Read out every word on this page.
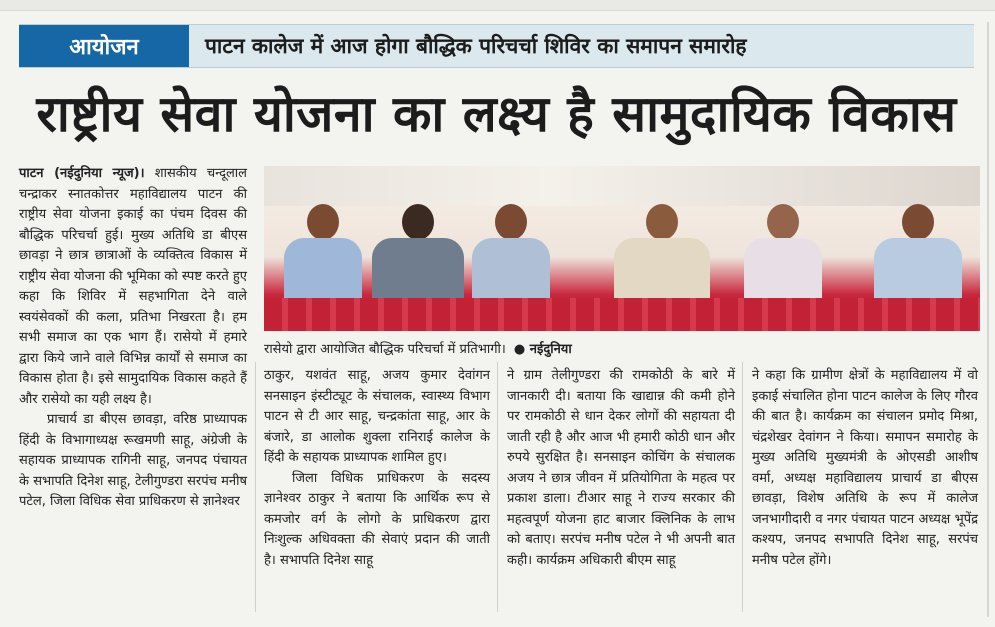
आयोजन	पाटन कालेज में आज होगा बौद्धिक परिचर्चा शिविर का समापन समारोह
राष्ट्रीय सेवा योजना का लक्ष्य है सामुदायिक विकास

पाटन (नईदुनिया न्यूज)। शासकीय चन्दूलाल चन्द्राकर स्नातकोत्तर महाविद्यालय पाटन की राष्ट्रीय सेवा योजना इकाई का पंचम दिवस की बौद्धिक परिचर्चा हुई। मुख्य अतिथि डा बीएस छावड़ा ने छात्र छात्राओं के व्यक्तित्व विकास में राष्ट्रीय सेवा योजना की भूमिका को स्पष्ट करते हुए कहा कि शिविर में सहभागिता देने वाले स्वयंसेवकों की कला, प्रतिभा निखरता है। हम सभी समाज का एक भाग हैं। रासेयो में हमारे द्वारा किये जाने वाले विभिन्न कार्यों से समाज का विकास होता है। इसे सामुदायिक विकास कहते हैं और रासेयो का यही लक्ष्य है।

प्राचार्य डा बीएस छावड़ा, वरिष्ठ प्राध्यापक हिंदी के विभागाध्यक्ष रूखमणी साहू, अंग्रेजी के सहायक प्राध्यापक रागिनी साहू, जनपद पंचायत के सभापति दिनेश साहू, टेलीगुण्डरा सरपंच मनीष पटेल, जिला विधिक सेवा प्राधिकरण से ज्ञानेश्वर

रासेयो द्वारा आयोजित बौद्धिक परिचर्चा में प्रतिभागी। ● नईदुनिया

ठाकुर, यशवंत साहू, अजय कुमार देवांगन सनसाइन इंस्टीट्यूट के संचालक, स्वास्थ्य विभाग पाटन से टी आर साहू, चन्द्रकांता साहू, आर के बंजारे, डा आलोक शुक्ला रानिराई कालेज के हिंदी के सहायक प्राध्यापक शामिल हुए।

जिला विधिक प्राधिकरण के सदस्य ज्ञानेश्वर ठाकुर ने बताया कि आर्थिक रूप से कमजोर वर्ग के लोगो के प्राधिकरण द्वारा निःशुल्क अधिवक्ता की सेवाएं प्रदान की जाती है। सभापति दिनेश साहू

ने ग्राम तेलीगुण्डरा की रामकोठी के बारे में जानकारी दी। बताया कि खाद्यान्न की कमी होने पर रामकोठी से धान देकर लोगों की सहायता दी जाती रही है और आज भी हमारी कोठी धान और रुपये सुरक्षित है। सनसाइन कोचिंग के संचालक अजय ने छात्र जीवन में प्रतियोगिता के महत्व पर प्रकाश डाला। टीआर साहू ने राज्य सरकार की महत्वपूर्ण योजना हाट बाजार क्लिनिक के लाभ को बताए। सरपंच मनीष पटेल ने भी अपनी बात कही। कार्यक्रम अधिकारी बीएम साहू

ने कहा कि ग्रामीण क्षेत्रों के महाविद्यालय में वो इकाई संचालित होना पाटन कालेज के लिए गौरव की बात है। कार्यक्रम का संचालन प्रमोद मिश्रा, चंद्रशेखर देवांगन ने किया। समापन समारोह के मुख्य अतिथि मुख्यमंत्री के ओएसडी आशीष वर्मा, अध्यक्ष महाविद्यालय प्राचार्य डा बीएस छावड़ा, विशेष अतिथि के रूप में कालेज जनभागीदारी व नगर पंचायत पाटन अध्यक्ष भूपेंद्र कश्यप, जनपद सभापति दिनेश साहू, सरपंच मनीष पटेल होंगे।
